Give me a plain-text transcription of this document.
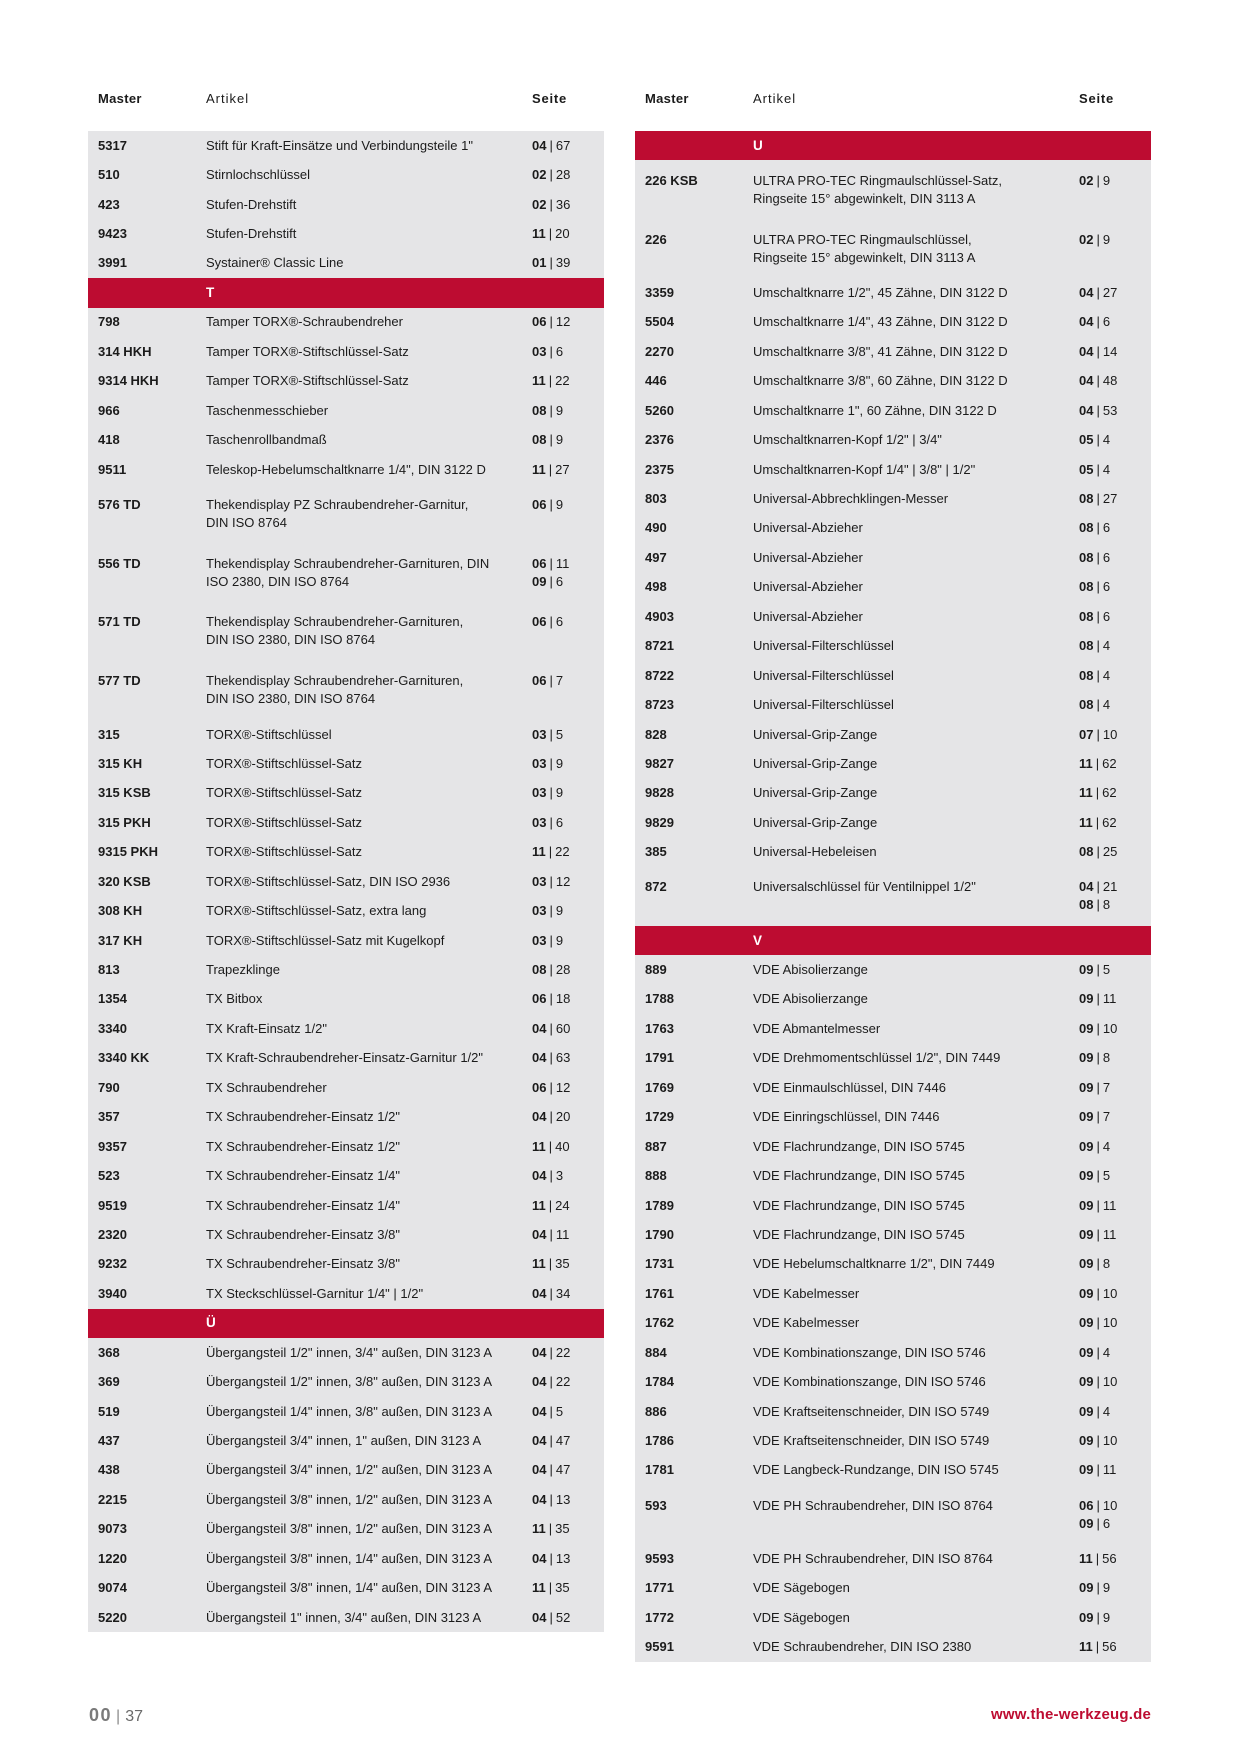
Master	Artikel	Seite
5317	Stift für Kraft-Einsätze und Verbindungsteile 1"	04 | 67
510	Stirnlochschlüssel	02 | 28
423	Stufen-Drehstift	02 | 36
9423	Stufen-Drehstift	11 | 20
3991	Systainer® Classic Line	01 | 39
T
798	Tamper TORX®-Schraubendreher	06 | 12
314 HKH	Tamper TORX®-Stiftschlüssel-Satz	03 | 6
9314 HKH	Tamper TORX®-Stiftschlüssel-Satz	11 | 22
966	Taschenmesschieber	08 | 9
418	Taschenrollbandmaß	08 | 9
9511	Teleskop-Hebelumschaltknarre 1/4", DIN 3122 D	11 | 27
576 TD	Thekendisplay PZ Schraubendreher-Garnitur,
DIN ISO 8764
06 | 9
556 TD	Thekendisplay Schraubendreher-Garnituren, DIN
ISO 2380, DIN ISO 8764
06 | 11
09 | 6
571 TD	Thekendisplay Schraubendreher-Garnituren,
DIN ISO 2380, DIN ISO 8764
06 | 6
577 TD	Thekendisplay Schraubendreher-Garnituren,
DIN ISO 2380, DIN ISO 8764
06 | 7
315	TORX®-Stiftschlüssel	03 | 5
315 KH	TORX®-Stiftschlüssel-Satz	03 | 9
315 KSB	TORX®-Stiftschlüssel-Satz	03 | 9
315 PKH	TORX®-Stiftschlüssel-Satz	03 | 6
9315 PKH	TORX®-Stiftschlüssel-Satz	11 | 22
320 KSB	TORX®-Stiftschlüssel-Satz, DIN ISO 2936	03 | 12
308 KH	TORX®-Stiftschlüssel-Satz, extra lang	03 | 9
317 KH	TORX®-Stiftschlüssel-Satz mit Kugelkopf	03 | 9
813	Trapezklinge	08 | 28
1354	TX Bitbox	06 | 18
3340	TX Kraft-Einsatz 1/2"	04 | 60
3340 KK	TX Kraft-Schraubendreher-Einsatz-Garnitur 1/2"	04 | 63
790	TX Schraubendreher	06 | 12
357	TX Schraubendreher-Einsatz 1/2"	04 | 20
9357	TX Schraubendreher-Einsatz 1/2"	11 | 40
523	TX Schraubendreher-Einsatz 1/4"	04 | 3
9519	TX Schraubendreher-Einsatz 1/4"	11 | 24
2320	TX Schraubendreher-Einsatz 3/8"	04 | 11
9232	TX Schraubendreher-Einsatz 3/8"	11 | 35
3940	TX Steckschlüssel-Garnitur 1/4" | 1/2"	04 | 34
Ü
368	Übergangsteil 1/2" innen, 3/4" außen, DIN 3123 A	04 | 22
369	Übergangsteil 1/2" innen, 3/8" außen, DIN 3123 A	04 | 22
519	Übergangsteil 1/4" innen, 3/8" außen, DIN 3123 A	04 | 5
437	Übergangsteil 3/4" innen, 1" außen, DIN 3123 A	04 | 47
438	Übergangsteil 3/4" innen, 1/2" außen, DIN 3123 A	04 | 47
2215	Übergangsteil 3/8" innen, 1/2" außen, DIN 3123 A	04 | 13
9073	Übergangsteil 3/8" innen, 1/2" außen, DIN 3123 A	11 | 35
1220	Übergangsteil 3/8" innen, 1/4" außen, DIN 3123 A	04 | 13
9074	Übergangsteil 3/8" innen, 1/4" außen, DIN 3123 A	11 | 35
5220	Übergangsteil 1" innen, 3/4" außen, DIN 3123 A	04 | 52
Master	Artikel	Seite
U
226 KSB	ULTRA PRO-TEC Ringmaulschlüssel-Satz,
Ringseite 15° abgewinkelt, DIN 3113 A
02 | 9
226	ULTRA PRO-TEC Ringmaulschlüssel,
Ringseite 15° abgewinkelt, DIN 3113 A
02 | 9
3359	Umschaltknarre 1/2", 45 Zähne, DIN 3122 D	04 | 27
5504	Umschaltknarre 1/4", 43 Zähne, DIN 3122 D	04 | 6
2270	Umschaltknarre 3/8", 41 Zähne, DIN 3122 D	04 | 14
446	Umschaltknarre 3/8", 60 Zähne, DIN 3122 D	04 | 48
5260	Umschaltknarre 1", 60 Zähne, DIN 3122 D	04 | 53
2376	Umschaltknarren-Kopf 1/2" | 3/4"	05 | 4
2375	Umschaltknarren-Kopf 1/4" | 3/8" | 1/2"	05 | 4
803	Universal-Abbrechklingen-Messer	08 | 27
490	Universal-Abzieher	08 | 6
497	Universal-Abzieher	08 | 6
498	Universal-Abzieher	08 | 6
4903	Universal-Abzieher	08 | 6
8721	Universal-Filterschlüssel	08 | 4
8722	Universal-Filterschlüssel	08 | 4
8723	Universal-Filterschlüssel	08 | 4
828	Universal-Grip-Zange	07 | 10
9827	Universal-Grip-Zange	11 | 62
9828	Universal-Grip-Zange	11 | 62
9829	Universal-Grip-Zange	11 | 62
385	Universal-Hebeleisen	08 | 25
872	Universalschlüssel für Ventilnippel 1/2"	04 | 21
08 | 8
V
889	VDE Abisolierzange	09 | 5
1788	VDE Abisolierzange	09 | 11
1763	VDE Abmantelmesser	09 | 10
1791	VDE Drehmomentschlüssel 1/2", DIN 7449	09 | 8
1769	VDE Einmaulschlüssel, DIN 7446	09 | 7
1729	VDE Einringschlüssel, DIN 7446	09 | 7
887	VDE Flachrundzange, DIN ISO 5745	09 | 4
888	VDE Flachrundzange, DIN ISO 5745	09 | 5
1789	VDE Flachrundzange, DIN ISO 5745	09 | 11
1790	VDE Flachrundzange, DIN ISO 5745	09 | 11
1731	VDE Hebelumschaltknarre 1/2", DIN 7449	09 | 8
1761	VDE Kabelmesser	09 | 10
1762	VDE Kabelmesser	09 | 10
884	VDE Kombinationszange, DIN ISO 5746	09 | 4
1784	VDE Kombinationszange, DIN ISO 5746	09 | 10
886	VDE Kraftseitenschneider, DIN ISO 5749	09 | 4
1786	VDE Kraftseitenschneider, DIN ISO 5749	09 | 10
1781	VDE Langbeck-Rundzange, DIN ISO 5745	09 | 11
593	VDE PH Schraubendreher, DIN ISO 8764	06 | 10
09 | 6
9593	VDE PH Schraubendreher, DIN ISO 8764	11 | 56
1771	VDE Sägebogen	09 | 9
1772	VDE Sägebogen	09 | 9
9591	VDE Schraubendreher, DIN ISO 2380	11 | 56
00 | 37	www.the-werkzeug.de
